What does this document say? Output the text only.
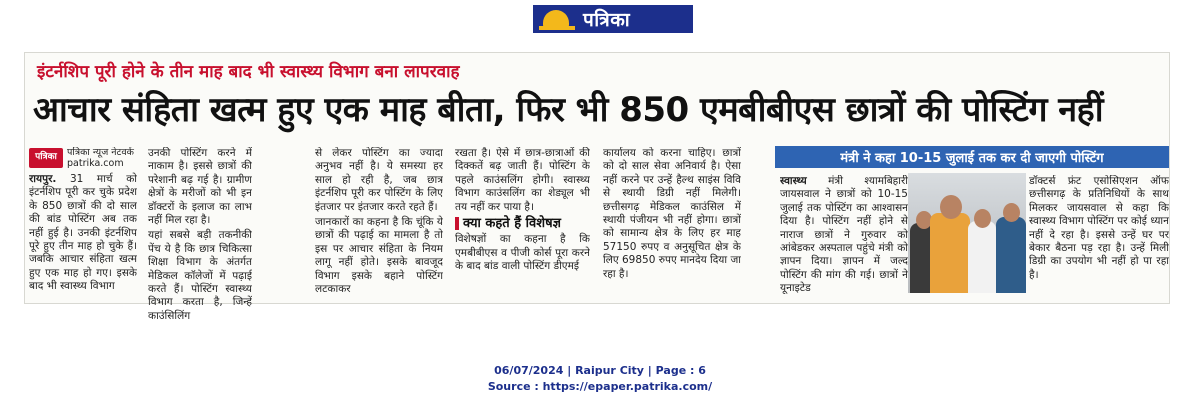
पत्रिका
इंटर्नशिप पूरी होने के तीन माह बाद भी स्वास्थ्य विभाग बना लापरवाह
आचार संहिता खत्म हुए एक माह बीता, फिर भी 850 एमबीबीएस छात्रों की पोस्टिंग नहीं
पत्रिका	पत्रिका न्यूज नेटवर्क
patrika.com

रायपुर. 31 मार्च को इंटर्नशिप पूरी कर चुके प्रदेश के 850 छात्रों की दो साल की बांड पोस्टिंग अब तक नहीं हुई है। उनकी इंटर्नशिप पूरे हुए तीन माह हो चुके हैं। जबकि आचार संहिता खत्म हुए एक माह हो गए। इसके बाद भी स्वास्थ्य विभाग

उनकी पोस्टिंग करने में नाकाम है। इससे छात्रों की परेशानी बढ़ गई है। ग्रामीण क्षेत्रों के मरीजों को भी इन डॉक्टरों के इलाज का लाभ नहीं मिल रहा है।

यहां सबसे बड़ी तकनीकी पेंच ये है कि छात्र चिकित्सा शिक्षा विभाग के अंतर्गत मेडिकल कॉलेजों में पढ़ाई करते हैं। पोस्टिंग स्वास्थ्य विभाग करता है, जिन्हें काउंसिलिंग

से लेकर पोस्टिंग का ज्यादा अनुभव नहीं है। ये समस्या हर साल हो रही है, जब छात्र इंटर्नशिप पूरी कर पोस्टिंग के लिए इंतजार पर इंतजार करते रहते हैं।

जानकारों का कहना है कि चूंकि ये छात्रों की पढ़ाई का मामला है तो इस पर आचार संहिता के नियम लागू नहीं होते। इसके बावजूद विभाग इसके बहाने पोस्टिंग लटकाकर

रखता है। ऐसे में छात्र-छात्राओं की दिक्कतें बढ़ जाती हैं। पोस्टिंग के पहले काउंसलिंग होगी। स्वास्थ्य विभाग काउंसलिंग का शेड्यूल भी तय नहीं कर पाया है।

क्या कहते हैं विशेषज्ञ

विशेषज्ञों का कहना है कि एमबीबीएस व पीजी कोर्स पूरा करने के बाद बांड वाली पोस्टिंग डीएमई

कार्यालय को करना चाहिए। छात्रों को दो साल सेवा अनिवार्य है। ऐसा नहीं करने पर उन्हें हैल्थ साइंस विवि से स्थायी डिग्री नहीं मिलेगी। छत्तीसगढ़ मेडिकल काउंसिल में स्थायी पंजीयन भी नहीं होगा। छात्रों को सामान्य क्षेत्र के लिए हर माह 57150 रुपए व अनुसूचित क्षेत्र के लिए 69850 रुपए मानदेय दिया जा रहा है।

मंत्री ने कहा 10-15 जुलाई तक कर दी जाएगी पोस्टिंग

स्वास्थ्य मंत्री श्यामबिहारी जायसवाल ने छात्रों को 10-15 जुलाई तक पोस्टिंग का आश्वासन दिया है। पोस्टिंग नहीं होने से नाराज छात्रों ने गुरुवार को आंबेडकर अस्पताल पहुंचे मंत्री को ज्ञापन दिया। ज्ञापन में जल्द पोस्टिंग की मांग की गई। छात्रों ने यूनाइटेड

डॉक्टर्स फ्रंट एसोसिएशन ऑफ छत्तीसगढ़ के प्रतिनिधियों के साथ मिलकर जायसवाल से कहा कि स्वास्थ्य विभाग पोस्टिंग पर कोई ध्यान नहीं दे रहा है। इससे उन्हें घर पर बेकार बैठना पड़ रहा है। उन्हें मिली डिग्री का उपयोग भी नहीं हो पा रहा है।

06/07/2024 | Raipur City | Page : 6
Source : https://epaper.patrika.com/
